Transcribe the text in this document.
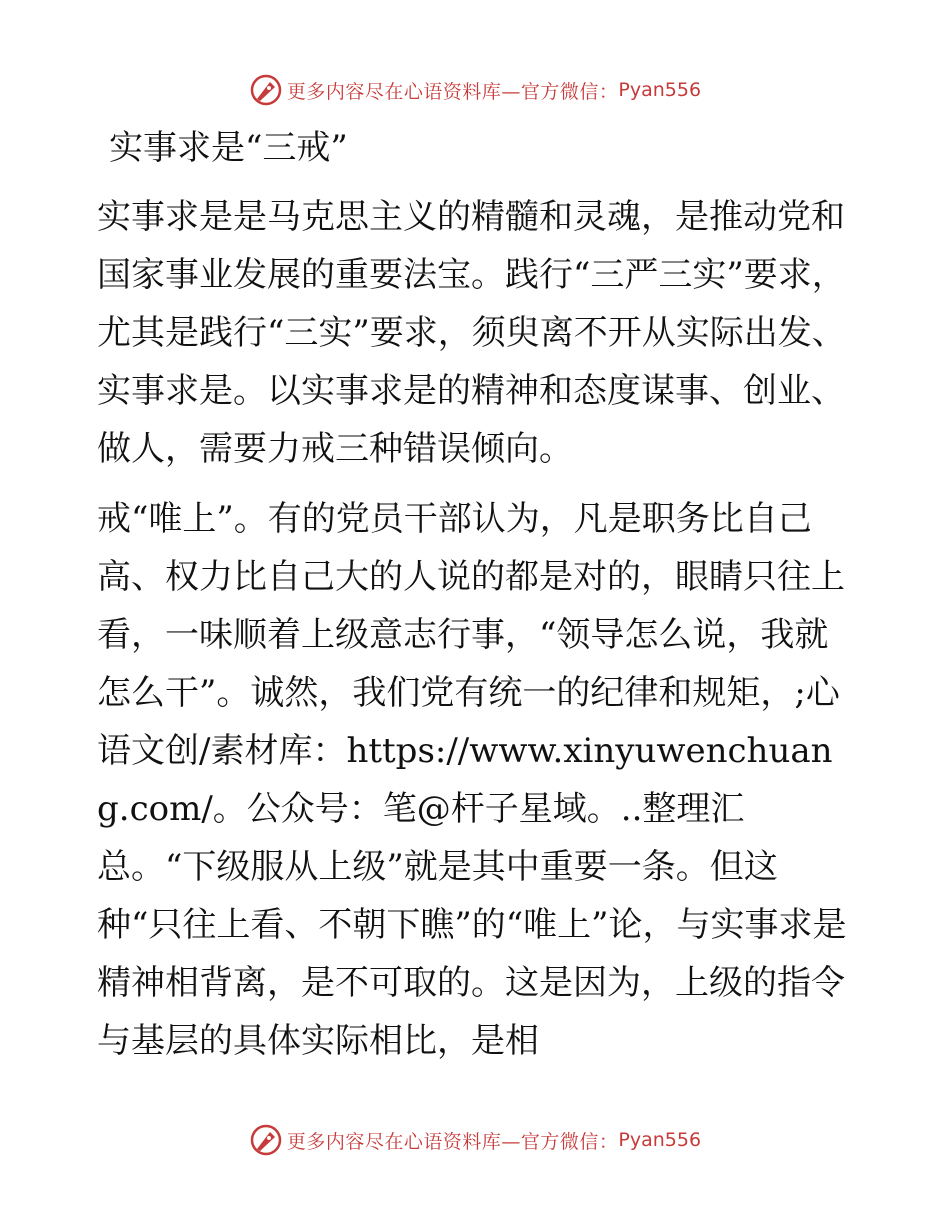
更多内容尽在心语资料库—官方微信： Pyan556
实事求是“三戒”

实事求是是马克思主义的精髓和灵魂，是推动党和国家事业发展的重要法宝。践行“三严三实”要求，尤其是践行“三实”要求，须臾离不开从实际出发、实事求是。以实事求是的精神和态度谋事、创业、做人，需要力戒三种错误倾向。

戒“唯上”。有的党员干部认为，凡是职务比自己高、权力比自己大的人说的都是对的，眼睛只往上看，一味顺着上级意志行事，“领导怎么说，我就怎么干”。诚然，我们党有统一的纪律和规矩，;心语文创/素材库：https://www.xinyuwenchuang.com/。公众号：笔@杆子星域。..整理汇总。“下级服从上级”就是其中重要一条。但这种“只往上看、不朝下瞧”的“唯上”论，与实事求是精神相背离，是不可取的。这是因为，上级的指令与基层的具体实际相比，是相

更多内容尽在心语资料库—官方微信： Pyan556
